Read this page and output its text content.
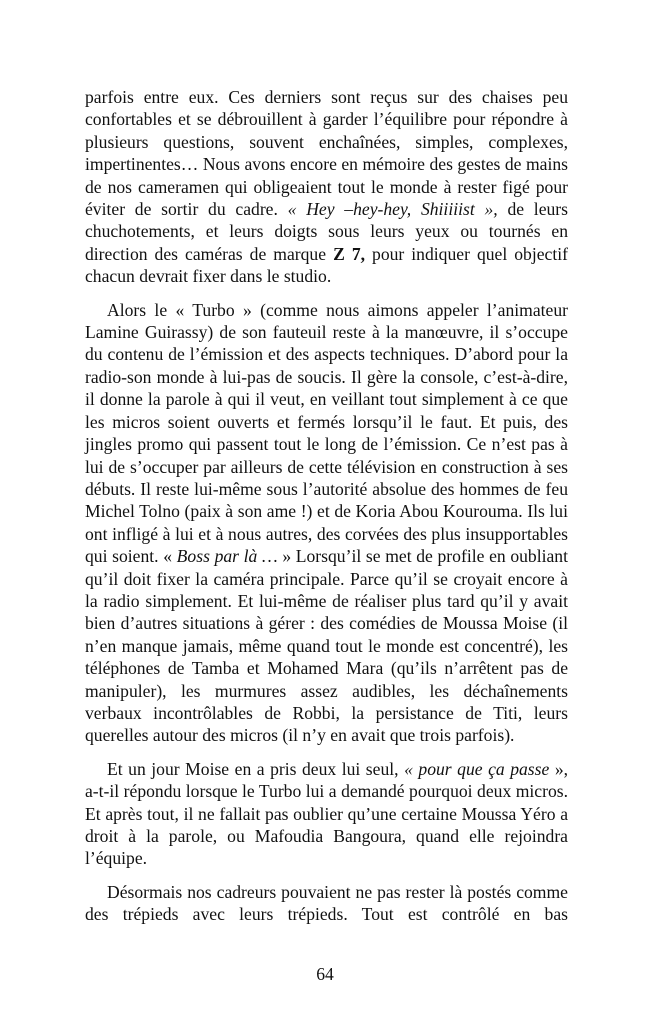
parfois entre eux. Ces derniers sont reçus sur des chaises peu confortables et se débrouillent à garder l’équilibre pour répondre à plusieurs questions, souvent enchaînées, simples, complexes, impertinentes… Nous avons encore en mémoire des gestes de mains de nos cameramen qui obligeaient tout le monde à rester figé pour éviter de sortir du cadre. « Hey –hey-hey, Shiiiiist », de leurs chuchotements, et leurs doigts sous leurs yeux ou tournés en direction des caméras de marque Z 7, pour indiquer quel objectif chacun devrait fixer dans le studio.

Alors le « Turbo » (comme nous aimons appeler l’animateur Lamine Guirassy) de son fauteuil reste à la manœuvre, il s’occupe du contenu de l’émission et des aspects techniques. D’abord pour la radio-son monde à lui-pas de soucis. Il gère la console, c’est-à-dire, il donne la parole à qui il veut, en veillant tout simplement à ce que les micros soient ouverts et fermés lorsqu’il le faut. Et puis, des jingles promo qui passent tout le long de l’émission. Ce n’est pas à lui de s’occuper par ailleurs de cette télévision en construction à ses débuts. Il reste lui-même sous l’autorité absolue des hommes de feu Michel Tolno (paix à son ame !) et de Koria Abou Kourouma. Ils lui ont infligé à lui et à nous autres, des corvées des plus insupportables qui soient. « Boss par là … » Lorsqu’il se met de profile en oubliant qu’il doit fixer la caméra principale. Parce qu’il se croyait encore à la radio simplement. Et lui-même de réaliser plus tard qu’il y avait bien d’autres situations à gérer : des comédies de Moussa Moise (il n’en manque jamais, même quand tout le monde est concentré), les téléphones de Tamba et Mohamed Mara (qu’ils n’arrêtent pas de manipuler), les murmures assez audibles, les déchaînements verbaux incontrôlables de Robbi, la persistance de Titi, leurs querelles autour des micros (il n’y en avait que trois parfois).

Et un jour Moise en a pris deux lui seul, « pour que ça passe », a-t-il répondu lorsque le Turbo lui a demandé pourquoi deux micros. Et après tout, il ne fallait pas oublier qu’une certaine Moussa Yéro a droit à la parole, ou Mafoudia Bangoura, quand elle rejoindra l’équipe.

Désormais nos cadreurs pouvaient ne pas rester là postés comme des trépieds avec leurs trépieds. Tout est contrôlé en bas

64
